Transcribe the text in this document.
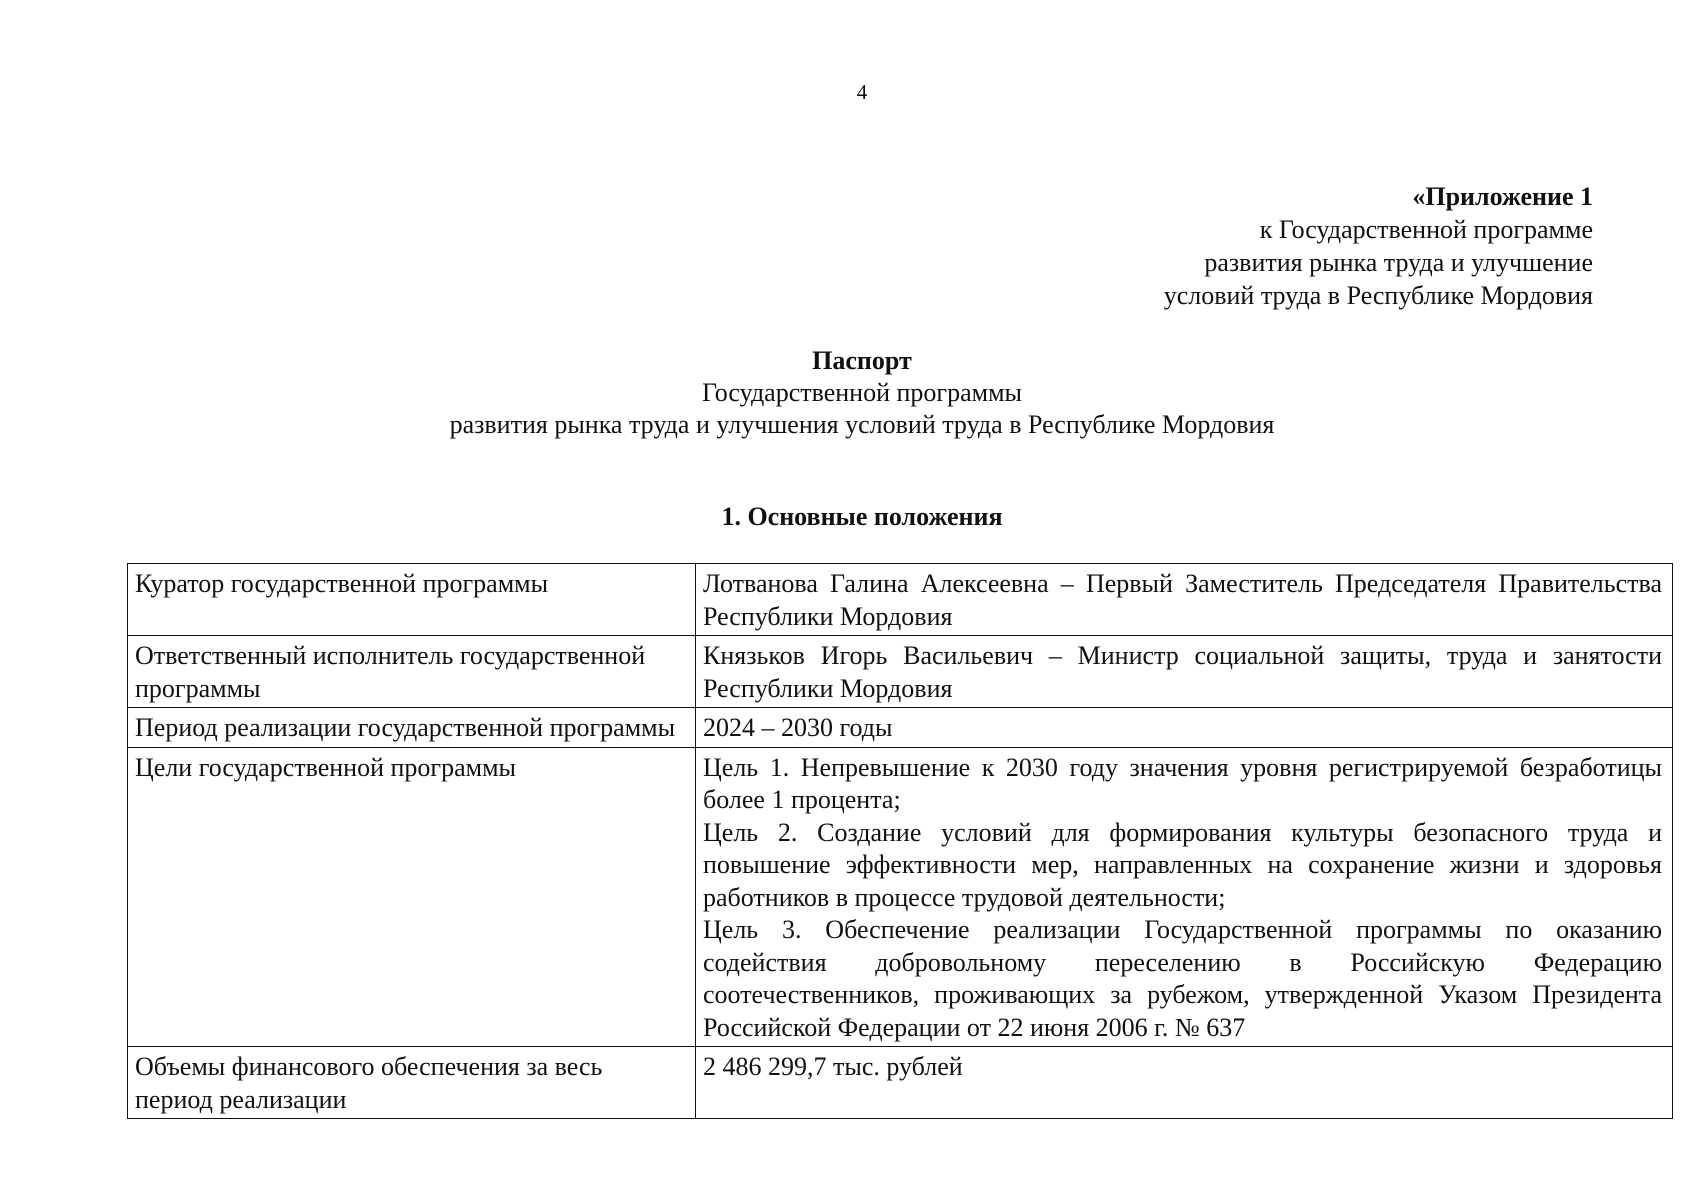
4
«Приложение 1
к Государственной программе
развития рынка труда и улучшение
условий труда в Республике Мордовия
Паспорт
Государственной программы
развития рынка труда и улучшения условий труда в Республике Мордовия
1. Основные положения
Куратор государственной программы	Лотванова Галина Алексеевна – Первый Заместитель Председателя Правительства Республики Мордовия
Ответственный исполнитель государственной программы	Князьков Игорь Васильевич – Министр социальной защиты, труда и занятости Республики Мордовия
Период реализации государственной программы	2024 – 2030 годы
Цели государственной программы	Цель 1. Непревышение к 2030 году значения уровня регистрируемой безработицы более 1 процента;
Цель 2. Создание условий для формирования культуры безопасного труда и повышение эффективности мер, направленных на сохранение жизни и здоровья работников в процессе трудовой деятельности;
Цель 3. Обеспечение реализации Государственной программы по оказанию содействия добровольному переселению в Российскую Федерацию соотечественников, проживающих за рубежом, утвержденной Указом Президента Российской Федерации от 22 июня 2006 г. № 637

Объемы финансового обеспечения за весь период реализации	2 486 299,7 тыс. рублей
